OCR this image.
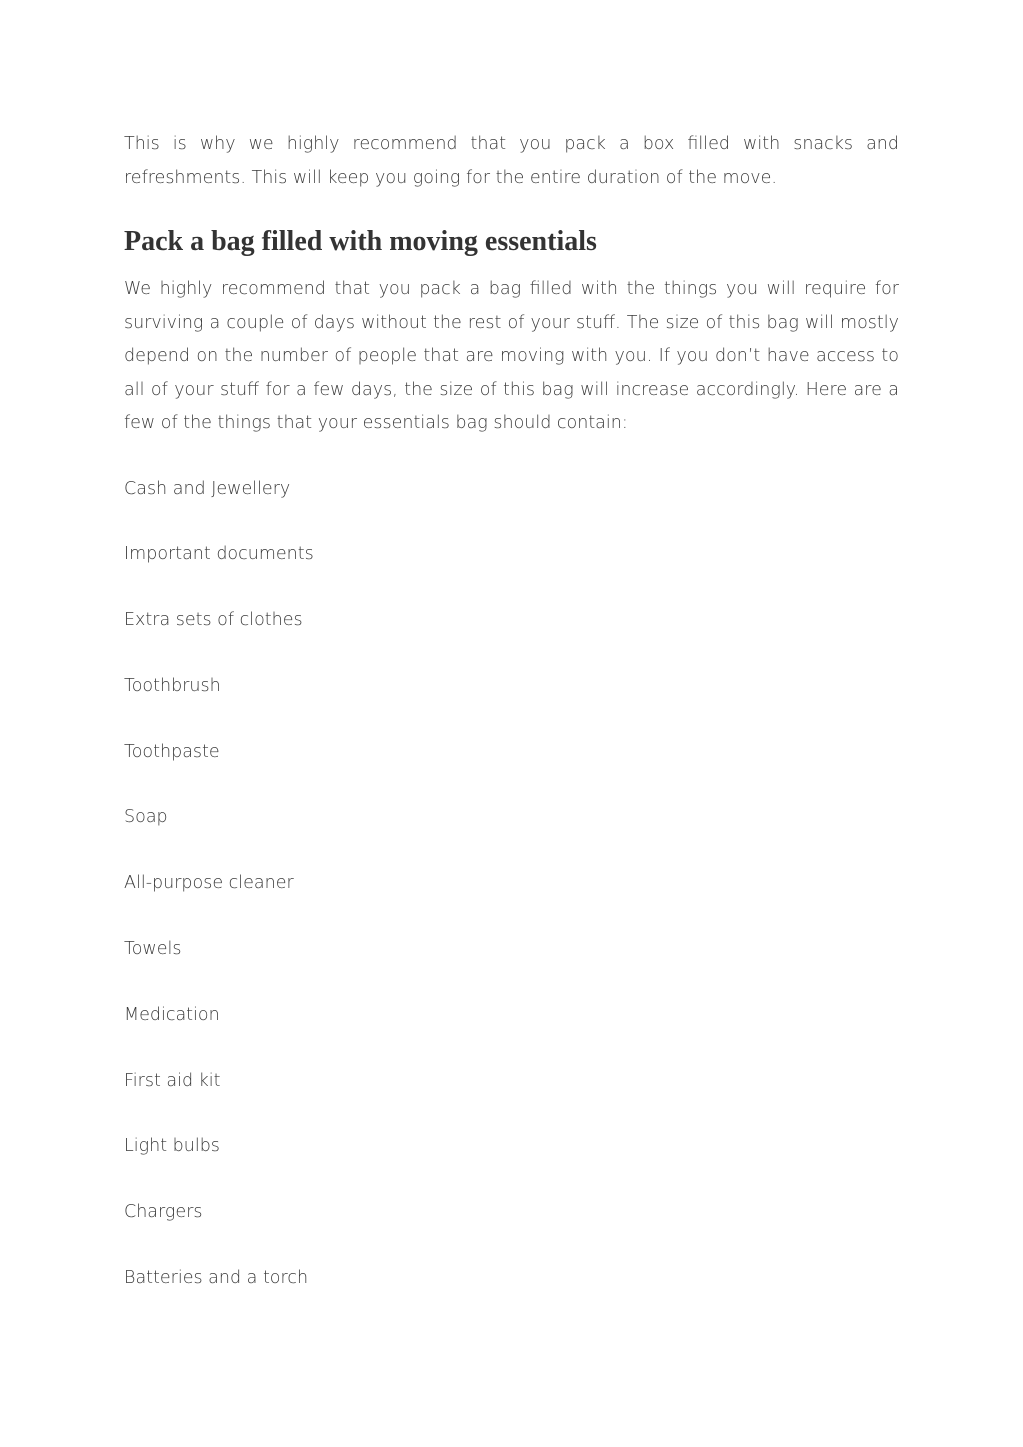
This is why we highly recommend that you pack a box filled with snacks and refreshments. This will keep you going for the entire duration of the move.

Pack a bag filled with moving essentials

We highly recommend that you pack a bag filled with the things you will require for surviving a couple of days without the rest of your stuff. The size of this bag will mostly depend on the number of people that are moving with you. If you don’t have access to all of your stuff for a few days, the size of this bag will increase accordingly. Here are a few of the things that your essentials bag should contain:

Cash and Jewellery
Important documents
Extra sets of clothes
Toothbrush
Toothpaste
Soap
All-purpose cleaner
Towels
Medication
First aid kit
Light bulbs
Chargers
Batteries and a torch
